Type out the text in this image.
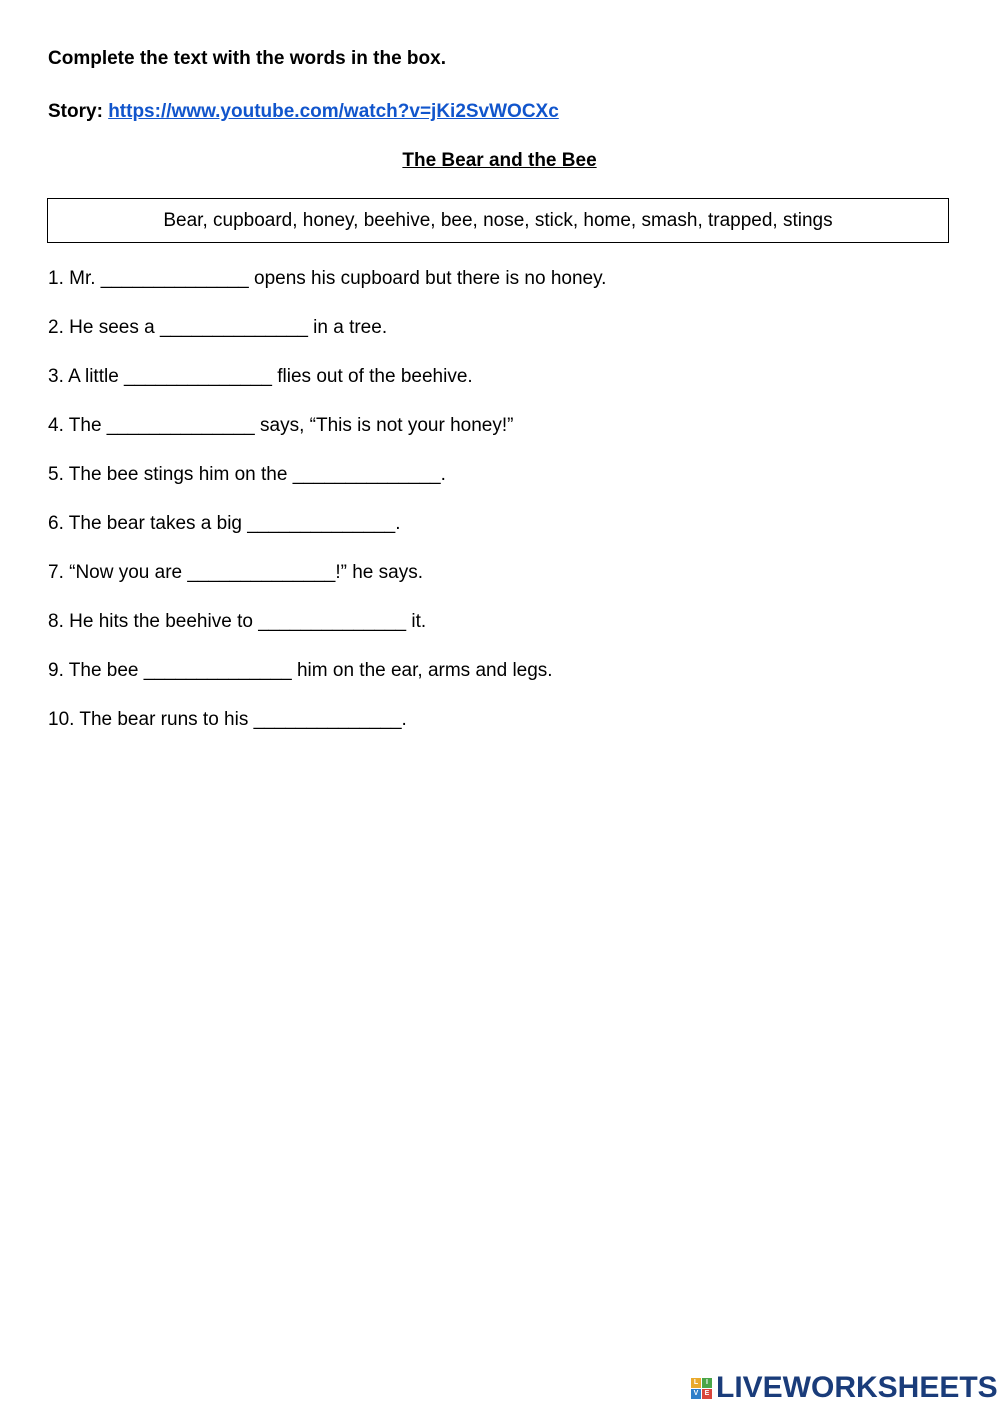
Complete the text with the words in the box.
Story: https://www.youtube.com/watch?v=jKi2SvWOCXc
The Bear and the Bee
Bear, cupboard, honey, beehive, bee, nose, stick, home, smash, trapped, stings
1. Mr. ______________ opens his cupboard but there is no honey.
2. He sees a ______________ in a tree.
3. A little ______________ flies out of the beehive.
4. The ______________ says, “This is not your honey!”
5. The bee stings him on the ______________.
6. The bear takes a big ______________.
7. “Now you are ______________!” he says.
8. He hits the beehive to ______________ it.
9. The bee ______________ him on the ear, arms and legs.
10. The bear runs to his ______________.
L	I
V E LIVEWORKSHEETS
